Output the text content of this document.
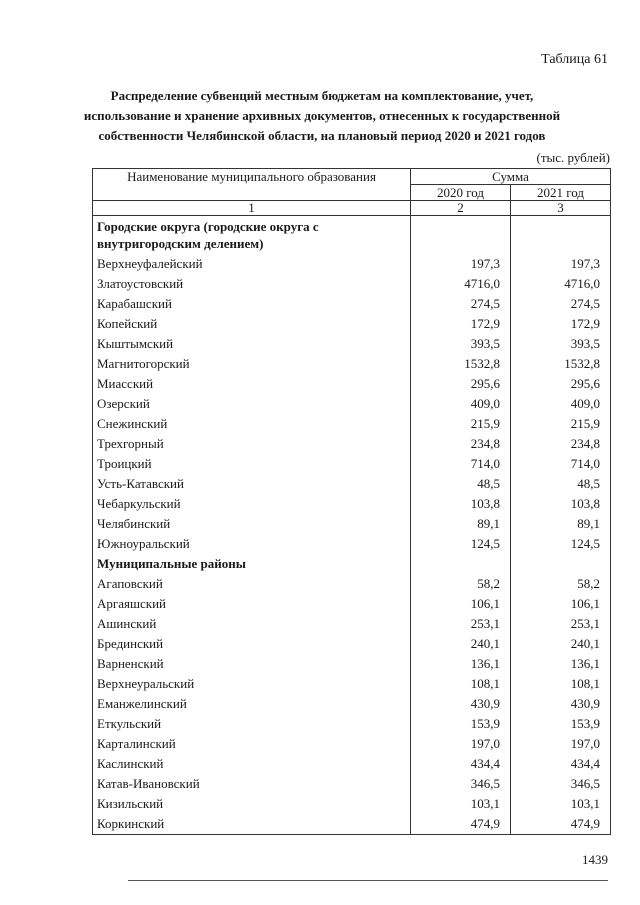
Таблица 61
Распределение субвенций местным бюджетам на комплектование, учет, использование и хранение архивных документов, отнесенных к государственной собственности Челябинской области, на плановый период 2020 и 2021 годов
(тыс. рублей)
Наименование муниципального образования	Сумма	
	2020 год	2021 год
1	2	3
Городские округа (городские округа с внутригородским делением)		
Верхнеуфалейский	197,3	197,3
Златоустовский	4716,0	4716,0
Карабашский	274,5	274,5
Копейский	172,9	172,9
Кыштымский	393,5	393,5
Магнитогорский	1532,8	1532,8
Миасский	295,6	295,6
Озерский	409,0	409,0
Снежинский	215,9	215,9
Трехгорный	234,8	234,8
Троицкий	714,0	714,0
Усть-Катавский	48,5	48,5
Чебаркульский	103,8	103,8
Челябинский	89,1	89,1
Южноуральский	124,5	124,5
Муниципальные районы		
Агаповский	58,2	58,2
Аргаяшский	106,1	106,1
Ашинский	253,1	253,1
Брединский	240,1	240,1
Варненский	136,1	136,1
Верхнеуральский	108,1	108,1
Еманжелинский	430,9	430,9
Еткульский	153,9	153,9
Карталинский	197,0	197,0
Каслинский	434,4	434,4
Катав-Ивановский	346,5	346,5
Кизильский	103,1	103,1
Коркинский	474,9	474,9
1439
